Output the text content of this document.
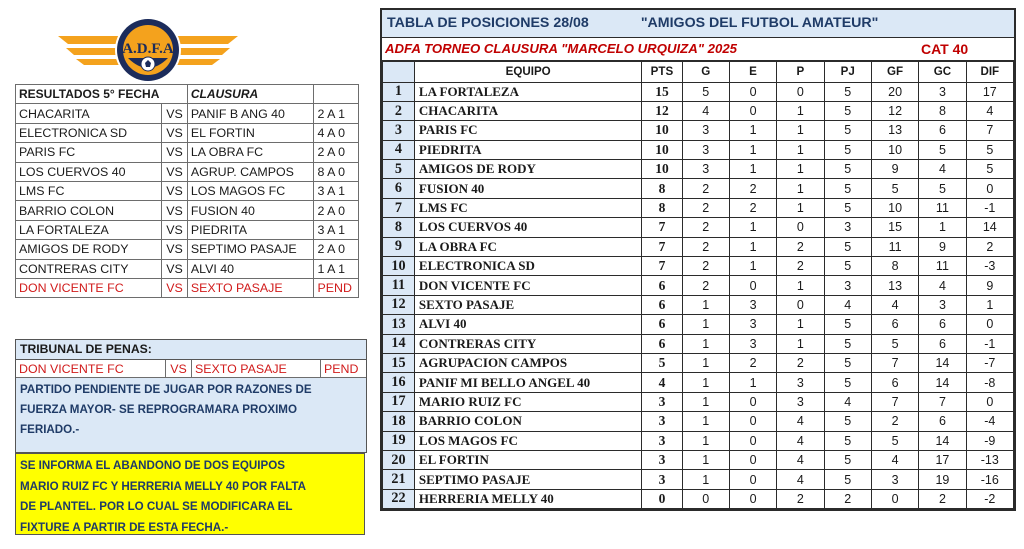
A.D.F.A
RESULTADOS 5° FECHA		CLAUSURA	
CHACARITA	VS	PANIF B ANG 40	2 A 1
ELECTRONICA SD	VS	EL FORTIN	4 A 0
PARIS FC	VS	LA OBRA FC	2 A 0
LOS CUERVOS 40	VS	AGRUP. CAMPOS	8 A 0
LMS FC	VS	LOS MAGOS FC	3 A 1
BARRIO COLON	VS	FUSION 40	2 A 0
LA FORTALEZA	VS	PIEDRITA	3 A 1
AMIGOS DE RODY	VS	SEPTIMO PASAJE	2 A 0
CONTRERAS CITY	VS	ALVI 40	1 A 1
DON VICENTE FC	VS	SEXTO PASAJE	PEND
TRIBUNAL DE PENAS:
DON VICENTE FC	VS	SEXTO PASAJE	PEND
PARTIDO PENDIENTE DE JUGAR POR RAZONES DE
FUERZA MAYOR- SE REPROGRAMARA PROXIMO
FERIADO.-
SE INFORMA EL ABANDONO DE DOS EQUIPOS
MARIO RUIZ FC Y HERRERIA MELLY 40 POR FALTA
DE PLANTEL. POR LO CUAL SE MODIFICARA EL
FIXTURE A PARTIR DE ESTA FECHA.-
TABLA DE POSICIONES 28/08	"AMIGOS DEL FUTBOL AMATEUR"
ADFA TORNEO CLAUSURA "MARCELO URQUIZA" 2025	CAT 40
	EQUIPO	PTS	G	E	P	PJ	GF	GC	DIF
1	LA FORTALEZA	15	5	0	0	5	20	3	17
2	CHACARITA	12	4	0	1	5	12	8	4
3	PARIS FC	10	3	1	1	5	13	6	7
4	PIEDRITA	10	3	1	1	5	10	5	5
5	AMIGOS DE RODY	10	3	1	1	5	9	4	5
6	FUSION 40	8	2	2	1	5	5	5	0
7	LMS FC	8	2	2	1	5	10	11	-1
8	LOS CUERVOS 40	7	2	1	0	3	15	1	14
9	LA OBRA FC	7	2	1	2	5	11	9	2
10	ELECTRONICA SD	7	2	1	2	5	8	11	-3
11	DON VICENTE FC	6	2	0	1	3	13	4	9
12	SEXTO PASAJE	6	1	3	0	4	4	3	1
13	ALVI 40	6	1	3	1	5	6	6	0
14	CONTRERAS CITY	6	1	3	1	5	5	6	-1
15	AGRUPACION CAMPOS	5	1	2	2	5	7	14	-7
16	PANIF MI BELLO ANGEL 40	4	1	1	3	5	6	14	-8
17	MARIO RUIZ FC	3	1	0	3	4	7	7	0
18	BARRIO COLON	3	1	0	4	5	2	6	-4
19	LOS MAGOS FC	3	1	0	4	5	5	14	-9
20	EL FORTIN	3	1	0	4	5	4	17	-13
21	SEPTIMO PASAJE	3	1	0	4	5	3	19	-16
22	HERRERIA MELLY 40	0	0	0	2	2	0	2	-2
